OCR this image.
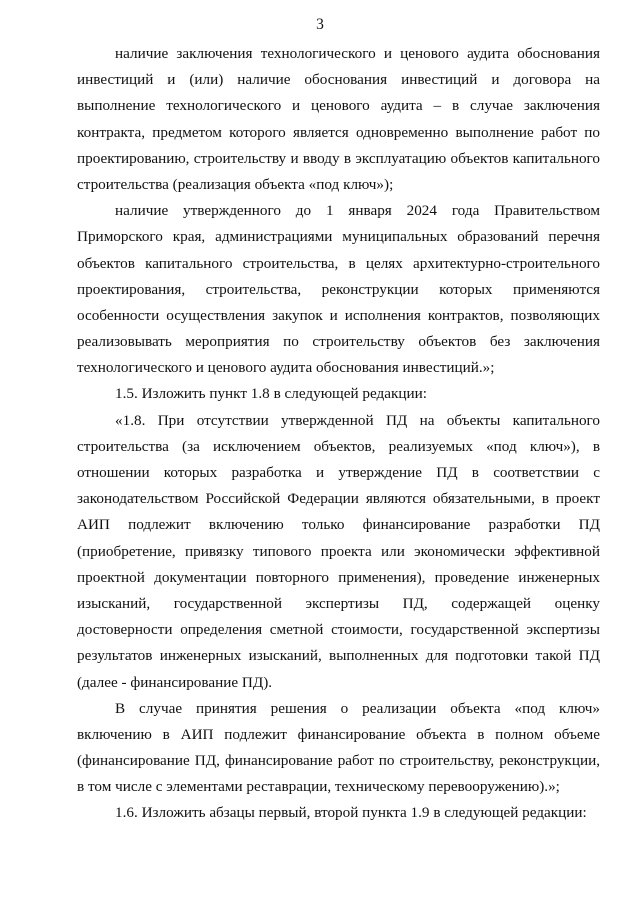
3
наличие заключения технологического и ценового аудита обоснования
инвестиций и (или) наличие обоснования инвестиций и договора на
выполнение технологического и ценового аудита – в случае заключения
контракта, предметом которого является одновременно выполнение работ по
проектированию, строительству и вводу в эксплуатацию объектов капитального
строительства (реализация объекта «под ключ»);
наличие утвержденного до 1 января 2024 года Правительством
Приморского края, администрациями муниципальных образований перечня
объектов капитального строительства, в целях архитектурно-строительного
проектирования, строительства, реконструкции которых применяются
особенности осуществления закупок и исполнения контрактов, позволяющих
реализовывать мероприятия по строительству объектов без заключения
технологического и ценового аудита обоснования инвестиций.»;
1.5. Изложить пункт 1.8 в следующей редакции:
«1.8. При отсутствии утвержденной ПД на объекты капитального
строительства (за исключением объектов, реализуемых «под ключ»), в
отношении которых разработка и утверждение ПД в соответствии с
законодательством Российской Федерации являются обязательными, в проект
АИП подлежит включению только финансирование разработки ПД
(приобретение, привязку типового проекта или экономически эффективной
проектной документации повторного применения), проведение инженерных
изысканий, государственной экспертизы ПД, содержащей оценку
достоверности определения сметной стоимости, государственной экспертизы
результатов инженерных изысканий, выполненных для подготовки такой ПД
(далее - финансирование ПД).
В случае принятия решения о реализации объекта «под ключ»
включению в АИП подлежит финансирование объекта в полном объеме
(финансирование ПД, финансирование работ по строительству, реконструкции,
в том числе с элементами реставрации, техническому перевооружению).»;
1.6. Изложить абзацы первый, второй пункта 1.9 в следующей редакции:
